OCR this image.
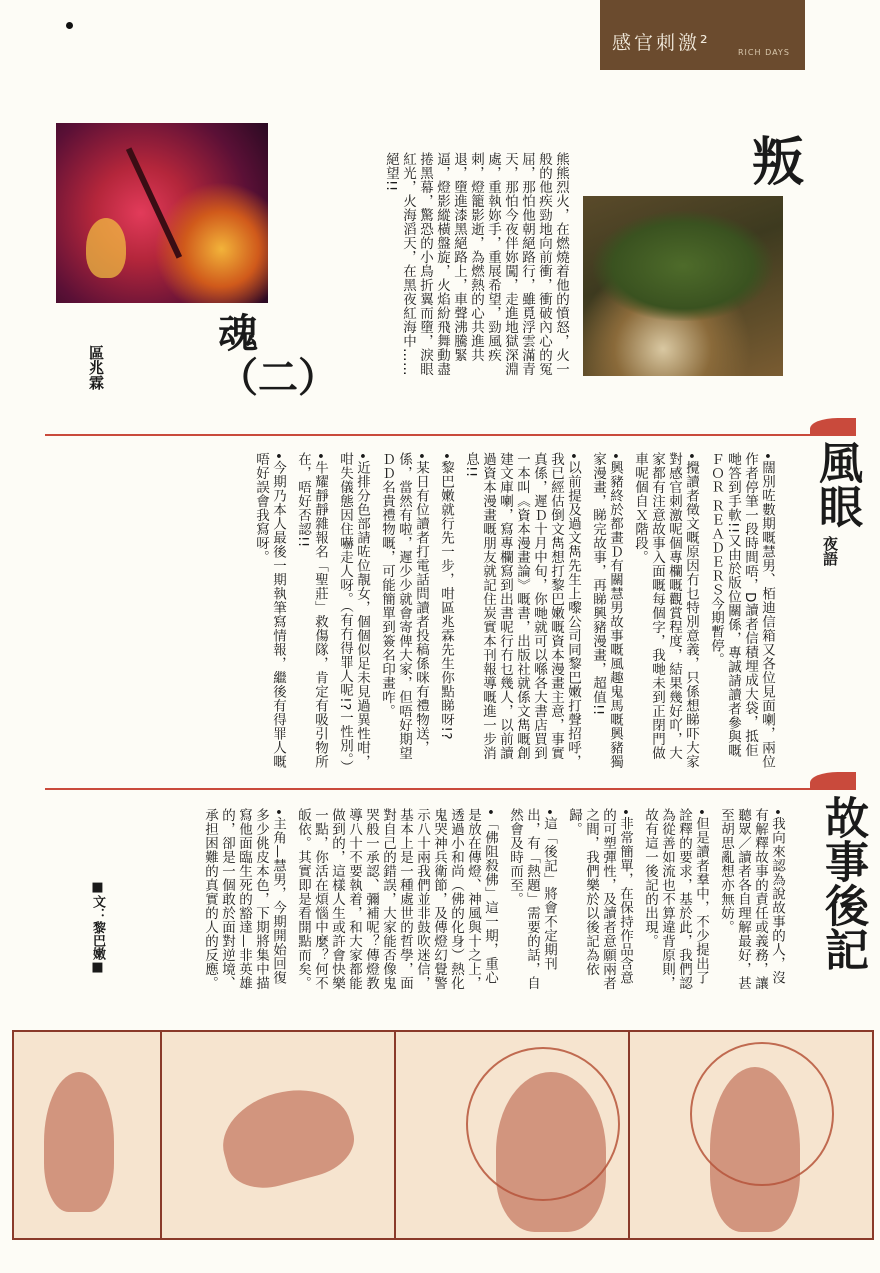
感官刺激²	RICH DAYS
叛
魂（二）
區兆霖	熊熊烈火，在燃燒着他的憤怒，火一般的他疾勁地向前衝，衝破內心的冤屈，那怕他朝絕路行，雖覓浮雲滿青天，那怕今夜伴妳闖，走進地獄深淵處，重執妳手，重展希望，勁風疾刺，燈籠影逝，為燃熱的心共進共退，墮進漆黑絕路上，車聲沸騰緊逼，燈影縱橫盤旋，火焰紛飛舞動盡捲黑幕，驚恐的小鳥折翼而墮，淚眼紅光，火海滔天，在黑夜紅海中……絕望!!
風眼
夜語

•闊別咗數期嘅慧男、栢迪信箱又各位見面喇，兩位作者停筆一段時間唔，D讀者信積埋成大袋，抵佢哋答到手軟!!又由於版位關係，專誠請讀者參與嘅ＦＯＲ ＲＥＡＤＥＲＳ今期暫停。

•攪讀者徵文嘅原因冇乜特別意義，只係想睇吓大家對感官刺激呢個專欄嘅觀賞程度，結果幾好吖，大家都有注意故事入面嘅每個字，我哋未到正閉門做車呢個自Ｘ階段。

•興豬終於都畫Ｄ有關慧男故事嘅風趣鬼馬嘅興豬獨家漫畫，睇完故事，再睇興豬漫畫，超值!!

•以前提及過文雋先生上嚟公司同黎巴嫩打聲招呼，我已經估倒文雋想打黎巴嫩嘅資本漫畫主意，事實真係，遲Ｄ十月中旬，你哋就可以喺各大書店買到一本叫《資本漫畫論》嘅書，出版社就係文雋嘅創建文庫喇，寫專欄寫到出書呢行冇乜幾人，以前讀過資本漫畫嘅朋友就記住炭實本刊報導嘅進一步消息!!

•黎巴嫩就行先一步，咁區兆霖先生你點睇呀!?

•某日有位讀者打電話問讀者投稿係咪有禮物送，係，當然有啦，遲少少就會寄俾大家，但唔好期望ＤＤ名貴禮物嘅，可能簡單到簽名印畫咋。

•近排分色部請咗位靚女，個個似足未見過異性咁，咁失儀態因住嚇走人呀。（有冇得罪人呢!?一性別。）

•牛耀靜靜雜報名「聖莊」救傷隊，肯定有吸引物所在，唔好否認!!

•今期乃本人最後一期執筆寫情報，繼後有得罪人嘅唔好誤會我寫呀。

故事後記

•我向來認為說故事的人，沒有解釋故事的責任或義務，讓聽眾／讀者各自理解最好，甚至胡思亂想亦無妨。

•但是讀者羣中，不少提出了詮釋的要求，基於此，我們認為從善如流也不算違背原則，故有這一後記的出現。

•非常簡單，在保持作品含意的可塑彈性，及讀者意願兩者之間，我們樂於以後記為依歸。

•這「後記」將會不定期刊出，有「熱題」需要的話，自然會及時而至。

•「佛阻殺佛」這一期，重心是放在傳燈、神風與十之上，透過小和尚（佛的化身）熱化鬼哭神兵衛節，及傳燈幻覺警示八十兩我們並非鼓吹迷信，基本上是一種處世的哲學，面對自己的錯誤，大家能否像鬼哭般一承認、彌補呢？傳燈教導八十不要執着，和大家都能做到的，這樣人生或許會快樂一點，你活在煩惱中麼？何不皈依。其實即是看開點而矣。

•主角—慧男，今期開始回復多少佻皮本色，下期將集中描寫他面臨生死的豁達—非英雄的，卻是一個敢於面對逆境、承担困難的真實的人的反應。

■文：黎巴嫩■
